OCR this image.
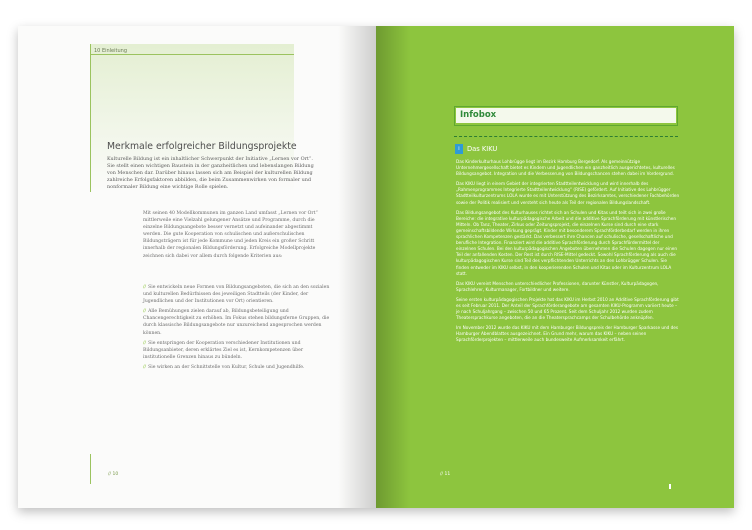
10 Einleitung
Merkmale erfolgreicher Bildungsprojekte

Kulturelle Bildung ist ein inhaltlicher Schwerpunkt der Initiative „Lernen vor Ort“. Sie stellt einen wichtigen Baustein in der ganzheitlichen und lebenslangen Bildung von Menschen dar. Darüber hinaus lassen sich am Beispiel der kulturellen Bildung zahlreiche Erfolgsfaktoren abbilden, die beim Zusammenwirken von formaler und nonformaler Bildung eine wichtige Rolle spielen.

Mit seinen 40 Modellkommunen im ganzen Land umfasst „Lernen vor Ort“ mittlerweile eine Vielzahl gelungener Ansätze und Programme, durch die einzelne Bildungsangebote besser vernetzt und aufeinander abgestimmt werden. Die gute Kooperation von schulischen und außerschulischen Bildungsträgern ist für jede Kommune und jeden Kreis ein großer Schritt innerhalb der regionalen Bildungsförderung. Erfolgreiche Modellprojekte zeichnen sich dabei vor allem durch folgende Kriterien aus:

// Sie entwickeln neue Formen von Bildungsangeboten, die sich an den sozialen und kulturellen Bedürfnissen des jeweiligen Stadtteils (der Kinder, der Jugendlichen und der Institutionen vor Ort) orientieren.
// Alle Bemühungen zielen darauf ab, Bildungsbeteiligung und Chancengerechtigkeit zu erhöhen. Im Fokus stehen bildungsferne Gruppen, die durch klassische Bildungsangebote nur unzureichend angesprochen werden können.
// Sie entspringen der Kooperation verschiedener Institutionen und Bildungsanbieter, deren erklärtes Ziel es ist, Kernkompetenzen über institutionelle Grenzen hinaus zu bündeln.
// Sie wirken an der Schnittstelle von Kultur, Schule und Jugendhilfe.
// 10
Infobox
i	Das KIKU

Das Kinderkulturhaus Lohbrügge liegt im Bezirk Hamburg Bergedorf. Als gemeinnützige Unternehmergesellschaft bietet es Kindern und Jugendlichen ein ganzheitlich ausgerichtetes, kulturelles Bildungsangebot. Integration und die Verbesserung von Bildungschancen stehen dabei im Vordergrund.

Das KIKU liegt in einem Gebiet der integrierten Stadtteilentwicklung und wird innerhalb des „Rahmenprogrammes Integrierte Stadtteilentwicklung“ (RISE) gefördert. Auf Initiative des Lohbrügger Stadtteilkulturzentrums LOLA wurde es mit Unterstützung des Bezirksamtes, verschiedener Fachbehörden sowie der Politik realisiert und versteht sich heute als Teil der regionalen Bildungslandschaft.

Das Bildungsangebot des Kulturhauses richtet sich an Schulen und Kitas und teilt sich in zwei große Bereiche: die integrative kulturpädagogische Arbeit und die additive Sprachförderung mit künstlerischen Mitteln. Ob Tanz, Theater, Zirkus oder Zeitungsprojekt, die einzelnen Kurse sind durch eine stark gemeinschaftsbildende Wirkung geprägt. Kinder mit besonderem Sprachförderbedarf werden in ihren sprachlichen Kompetenzen gestärkt. Das verbessert ihre Chancen auf schulische, gesellschaftliche und berufliche Integration. Finanziert wird die additive Sprachförderung durch Sprachfördermittel der einzelnen Schulen. Bei den kulturpädagogischen Angeboten übernehmen die Schulen dagegen nur einen Teil der anfallenden Kosten. Der Rest ist durch RISE-Mittel gedeckt. Sowohl Sprachförderung als auch die kulturpädagogischen Kurse sind Teil des verpflichtenden Unterrichts an den Lohbrügger Schulen. Sie finden entweder im KIKU selbst, in den kooperierenden Schulen und Kitas oder im Kulturzentrum LOLA statt.

Das KIKU vereint Menschen unterschiedlicher Professionen, darunter Künstler, Kulturpädagogen, Sprachlehrer, Kulturmanager, Fortbildner und weitere.

Seine ersten kulturpädagogischen Projekte hat das KIKU im Herbst 2010 an Additive Sprachförderung gibt es seit Februar 2011. Der Anteil der Sprachförderangebote am gesamten KIKU-Programm variiert heute – je nach Schuljahrgang – zwischen 50 und 65 Prozent. Seit dem Schuljahr 2012 wurden zudem Theatersprachkurse angeboten, die an die Theatersprachcamps der Schulbehörde anknüpfen.

Im November 2012 wurde das KIKU mit dem Hamburger Bildungspreis der Hamburger Sparkasse und des Hamburger Abendblattes ausgezeichnet. Ein Grund mehr, warum das KIKU – neben seinen Sprachförderprojekten – mittlerweile auch bundesweite Aufmerksamkeit erfährt.

// 11
